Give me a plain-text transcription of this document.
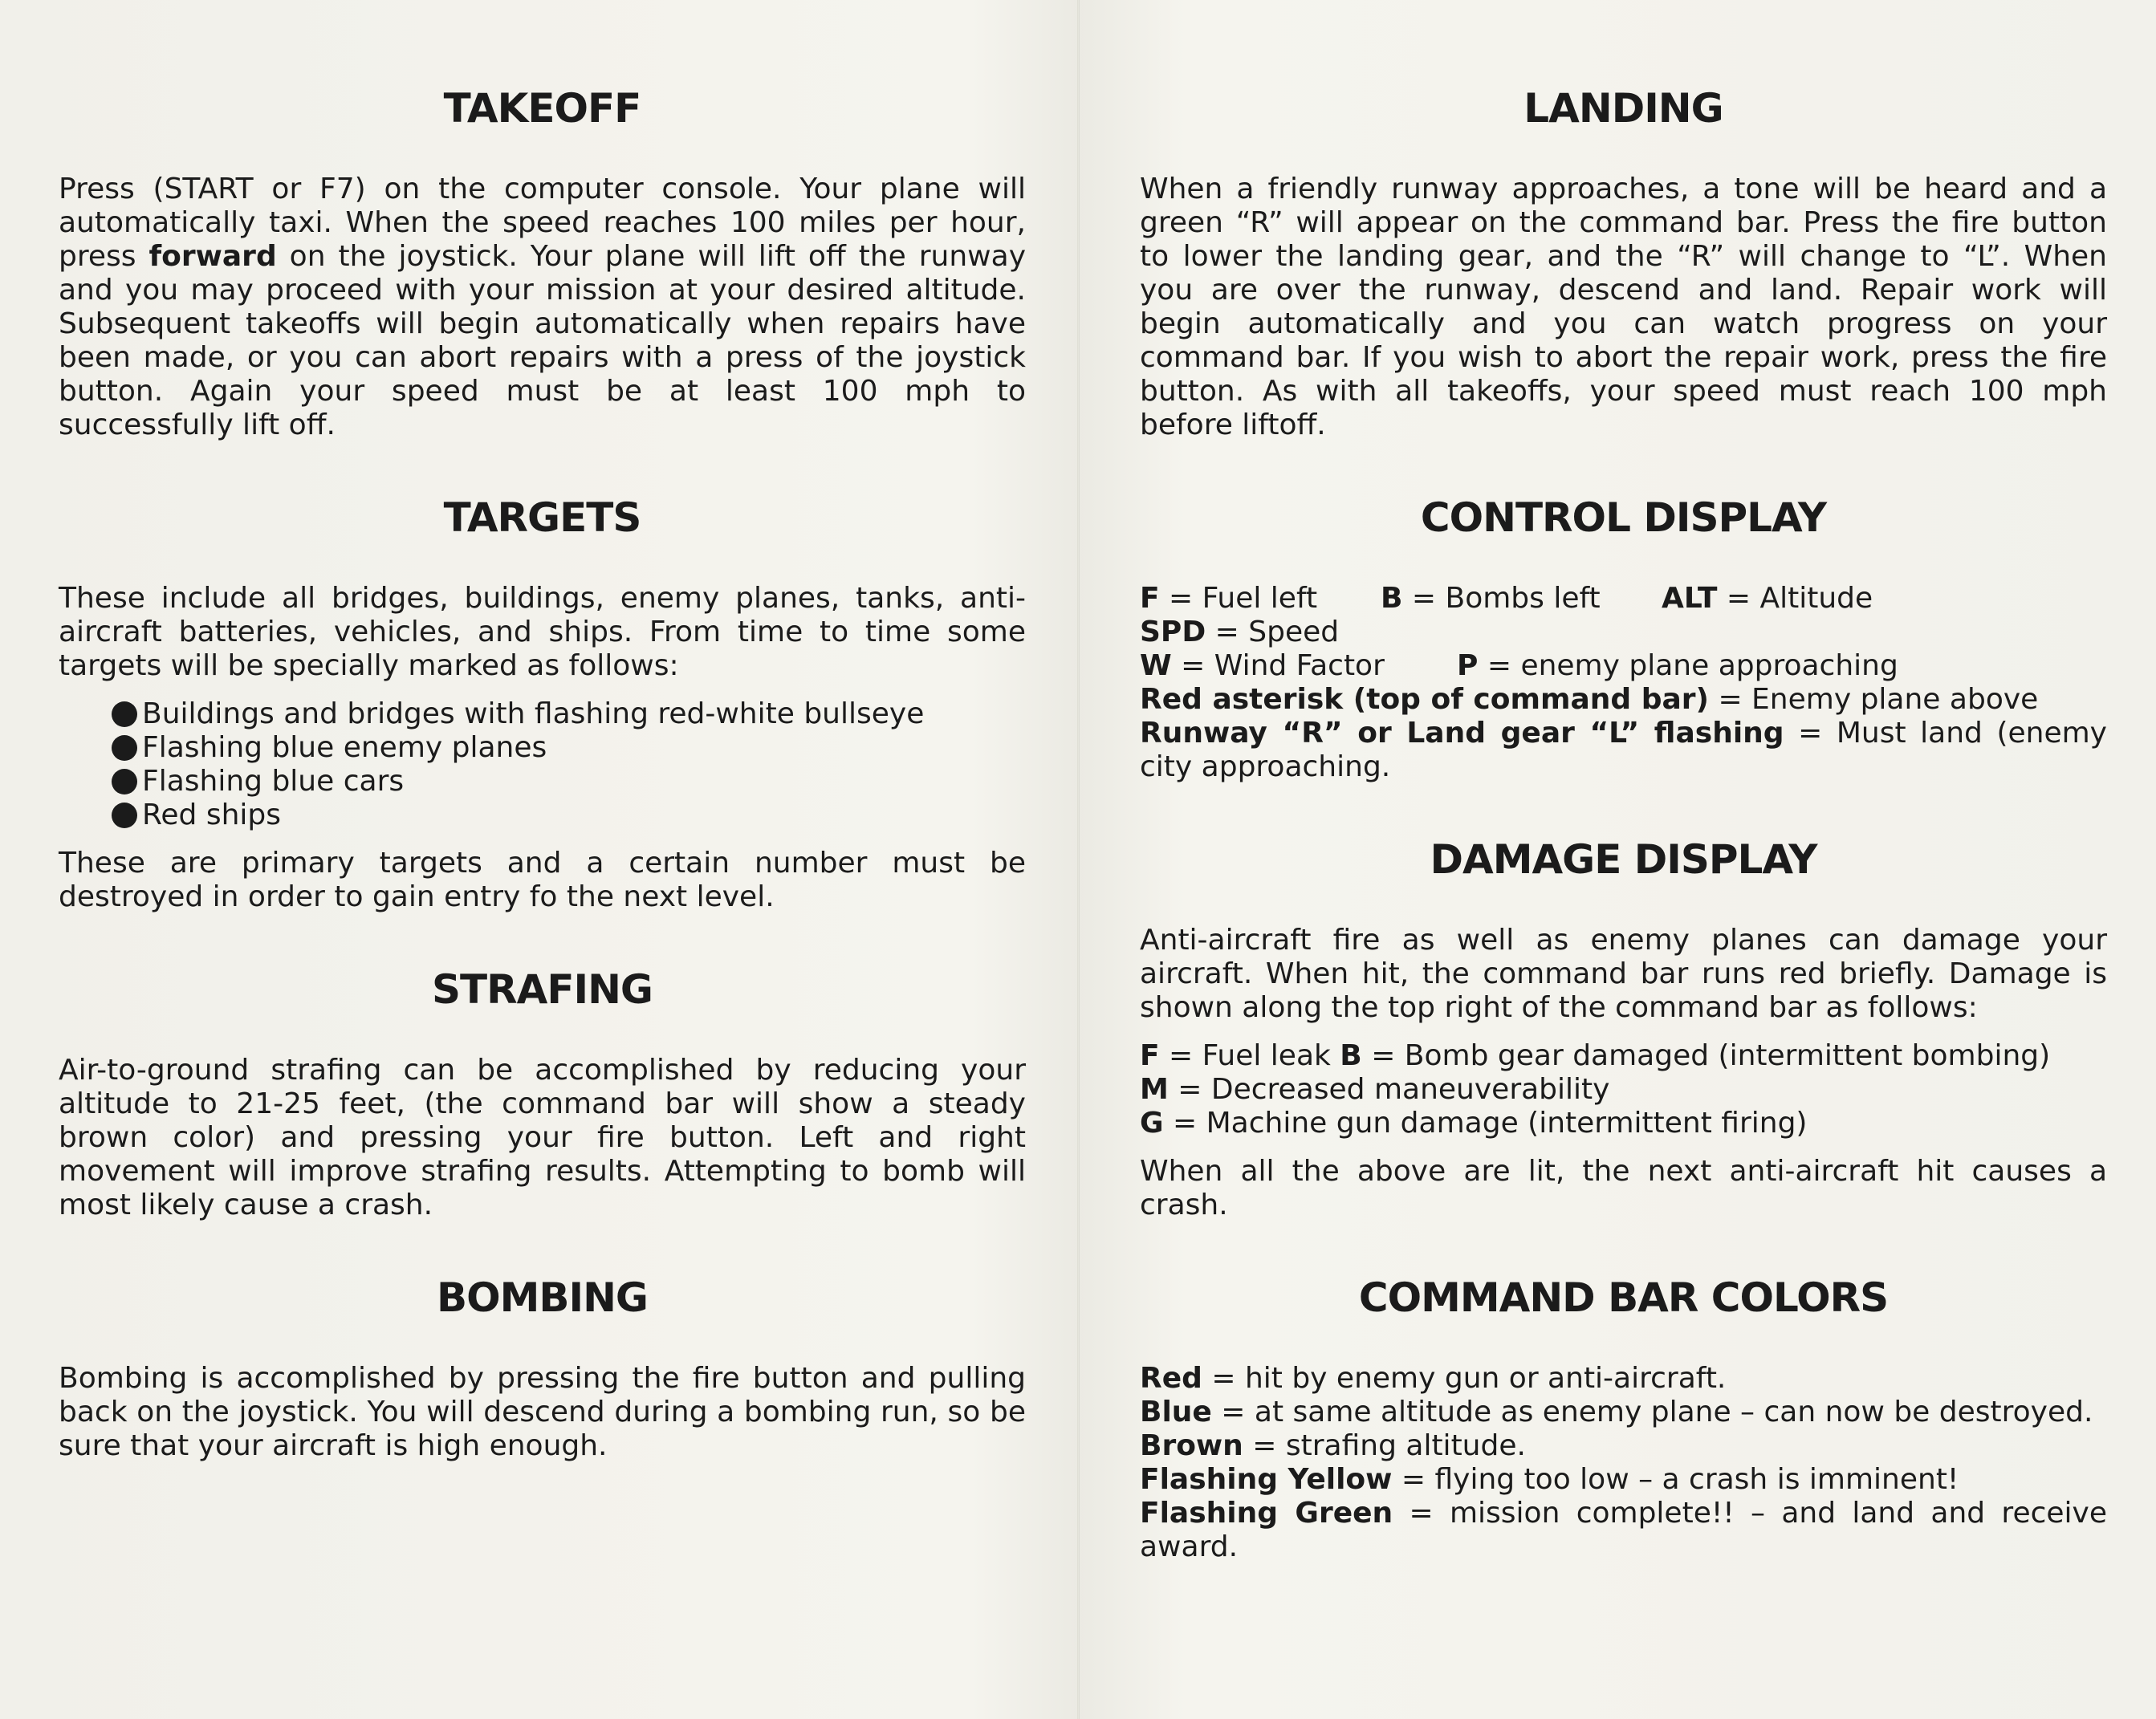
TAKEOFF

Press (START or F7) on the computer console. Your plane will automatically taxi. When the speed reaches 100 miles per hour, press forward on the joystick. Your plane will lift off the runway and you may proceed with your mission at your desired altitude. Subsequent takeoffs will begin automatically when repairs have been made, or you can abort repairs with a press of the joystick button. Again your speed must be at least 100 mph to successfully lift off.

TARGETS

These include all bridges, buildings, enemy planes, tanks, anti-aircraft batteries, vehicles, and ships. From time to time some targets will be specially marked as follows:

Buildings and bridges with flashing red-white bullseye
Flashing blue enemy planes
Flashing blue cars
Red ships

These are primary targets and a certain number must be destroyed in order to gain entry fo the next level.

STRAFING

Air-to-ground strafing can be accomplished by reducing your altitude to 21-25 feet, (the command bar will show a steady brown color) and pressing your fire button. Left and right movement will improve strafing results. Attempting to bomb will most likely cause a crash.

BOMBING

Bombing is accomplished by pressing the fire button and pulling back on the joystick. You will descend during a bombing run, so be sure that your aircraft is high enough.

LANDING

When a friendly runway approaches, a tone will be heard and a green “R” will appear on the command bar. Press the fire button to lower the landing gear, and the “R” will change to “L”. When you are over the runway, descend and land. Repair work will begin automatically and you can watch progress on your command bar. If you wish to abort the repair work, press the fire button. As with all takeoffs, your speed must reach 100 mph before liftoff.

CONTROL DISPLAY
F = Fuel left	B = Bombs left	ALT = Altitude
SPD = Speed
W = Wind Factor	P = enemy plane approaching
Red asterisk (top of command bar) = Enemy plane above

Runway “R” or Land gear “L” flashing = Must land (enemy city approaching.

DAMAGE DISPLAY

Anti-aircraft fire as well as enemy planes can damage your aircraft. When hit, the command bar runs red briefly. Damage is shown along the top right of the command bar as follows:

F = Fuel leak B = Bomb gear damaged (intermittent bombing)

M = Decreased maneuverability
G = Machine gun damage (intermittent firing)

When all the above are lit, the next anti-aircraft hit causes a crash.

COMMAND BAR COLORS
Red = hit by enemy gun or anti-aircraft.

Blue = at same altitude as enemy plane – can now be destroyed.

Brown = strafing altitude.
Flashing Yellow = flying too low – a crash is imminent!

Flashing Green = mission complete!! – and land and receive award.
